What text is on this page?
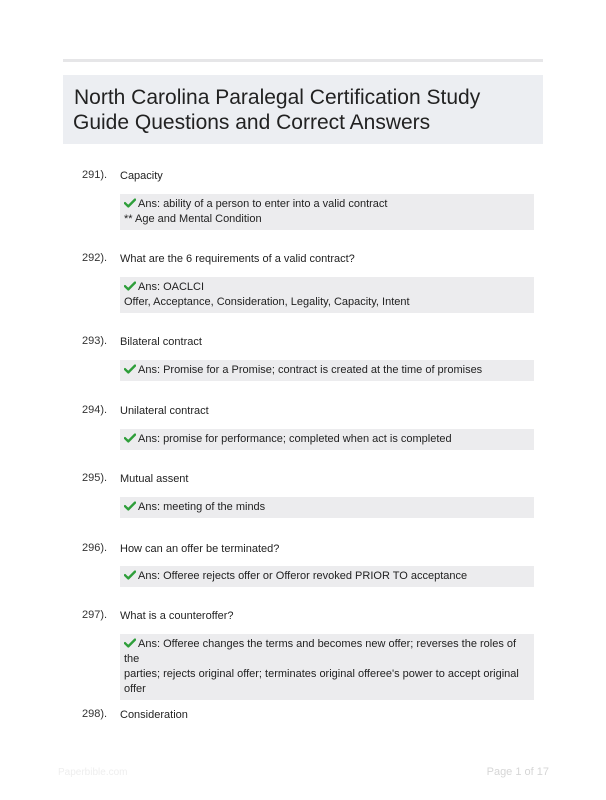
North Carolina Paralegal Certification Study
Guide Questions and Correct Answers
291). Capacity
Ans: ability of a person to enter into a valid contract
** Age and Mental Condition
292). What are the 6 requirements of a valid contract?
Ans: OACLCI
Offer, Acceptance, Consideration, Legality, Capacity, Intent
293). Bilateral contract
Ans: Promise for a Promise; contract is created at the time of promises
294). Unilateral contract
Ans: promise for performance; completed when act is completed
295). Mutual assent
Ans: meeting of the minds
296). How can an offer be terminated?
Ans: Offeree rejects offer or Offeror revoked PRIOR TO acceptance
297). What is a counteroffer?
Ans: Offeree changes the terms and becomes new offer; reverses the roles of the
parties; rejects original offer; terminates original offeree's power to accept original
offer
298). Consideration
Paperbible.com	Page 1 of 17
